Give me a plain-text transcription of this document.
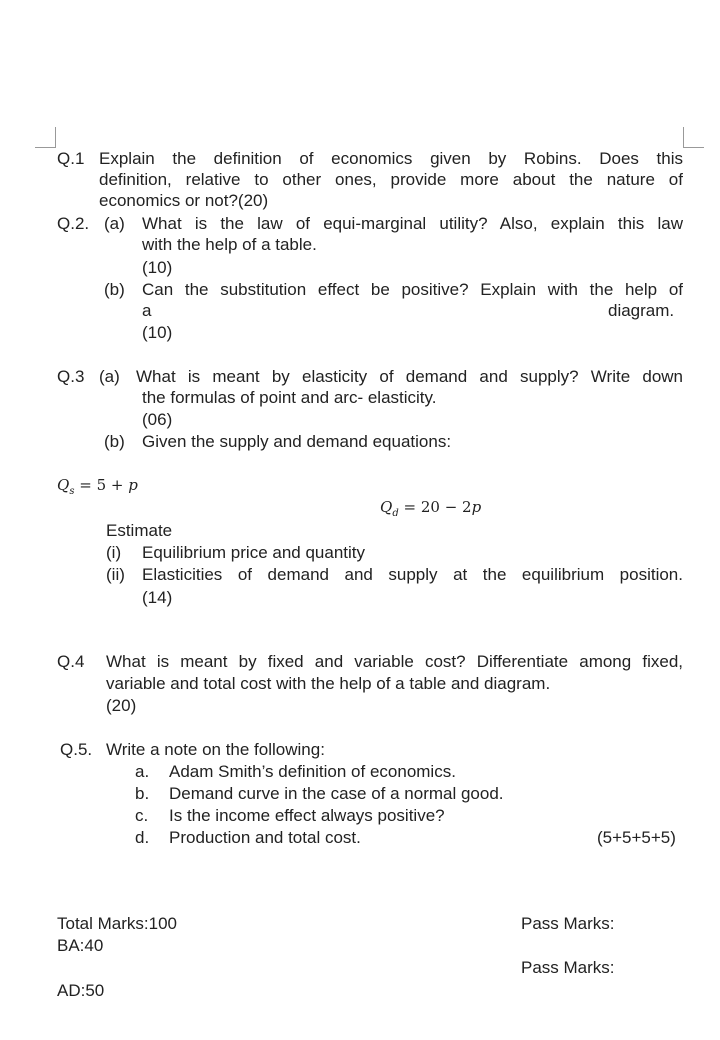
Q.1 Explain the definition of economics given by Robins. Does this
definition, relative to other ones, provide more about the nature of
economics or not?(20)
Q.2. (a) What is the law of equi-marginal utility? Also, explain this law
with the help of a table.
(10)
(b) Can the substitution effect be positive? Explain with the help of
a	diagram.
(10)
Q.3 (a) What is meant by elasticity of demand and supply? Write down
the formulas of point and arc- elasticity.
(06)
(b) Given the supply and demand equations:
$Q_s = 5 + p$
$Q_d = 20 - 2p$
Estimate
(i) Equilibrium price and quantity
(ii) Elasticities of demand and supply at the equilibrium position.
(14)
Q.4 What is meant by fixed and variable cost? Differentiate among fixed,
variable and total cost with the help of a table and diagram.
(20)
Q.5. Write a note on the following:
a. Adam Smith’s definition of economics.
b. Demand curve in the case of a normal good.
c. Is the income effect always positive?
d. Production and total cost.	(5+5+5+5)
Total Marks:100
BA:40
AD:50
Pass Marks:
Pass Marks:
